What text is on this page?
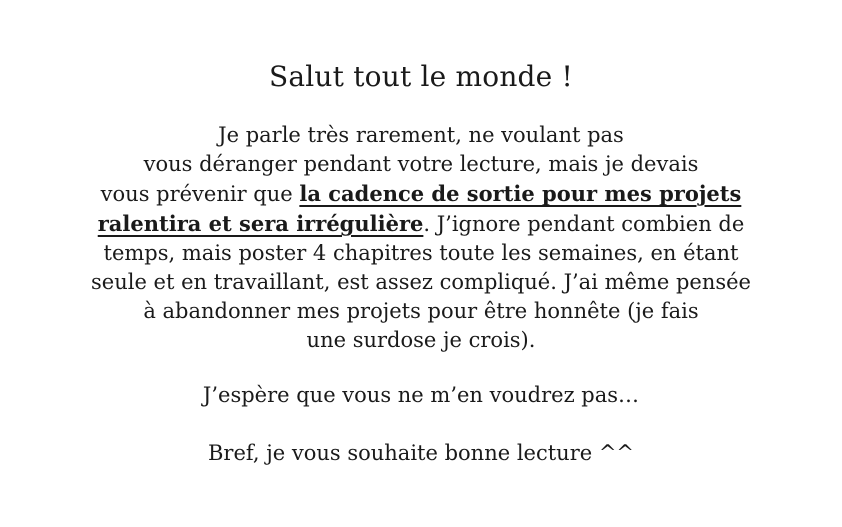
Salut tout le monde !
Je parle très rarement, ne voulant pas
vous déranger pendant votre lecture, mais je devais
vous prévenir que la cadence de sortie pour mes projets
ralentira et sera irrégulière. J’ignore pendant combien de
temps, mais poster 4 chapitres toute les semaines, en étant
seule et en travaillant, est assez compliqué. J’ai même pensée
à abandonner mes projets pour être honnête (je fais
une surdose je crois).
J’espère que vous ne m’en voudrez pas…
Bref, je vous souhaite bonne lecture ^^
